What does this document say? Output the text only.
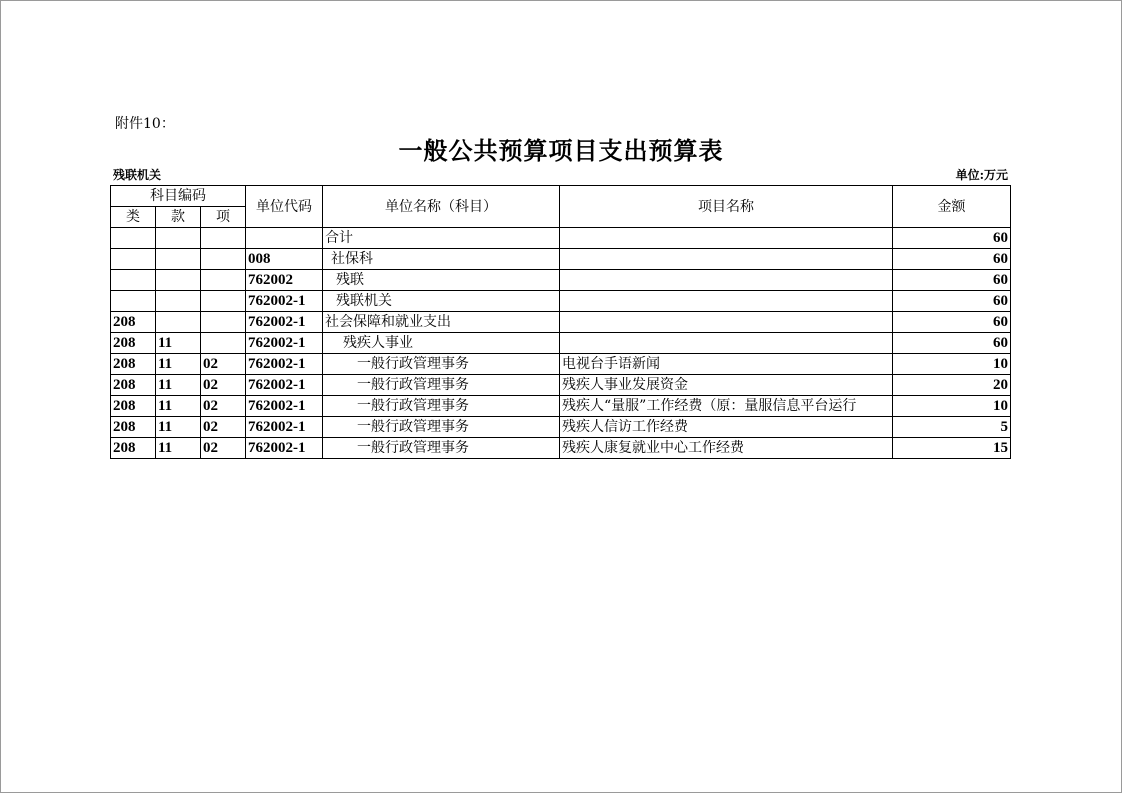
附件10：
一般公共预算项目支出预算表
残联机关	单位:万元
科目编码			单位代码	单位名称（科目）	项目名称	金额
类	款	项				
				合计		60
			008	社保科		60
			762002	残联		60
			762002-1	残联机关		60
208			762002-1	社会保障和就业支出		60
208	11		762002-1	残疾人事业		60
208	11	02	762002-1	一般行政管理事务	电视台手语新闻	10
208	11	02	762002-1	一般行政管理事务	残疾人事业发展资金	20
208	11	02	762002-1	一般行政管理事务	残疾人“量服”工作经费（原：量服信息平台运行	10
208	11	02	762002-1	一般行政管理事务	残疾人信访工作经费	5
208	11	02	762002-1	一般行政管理事务	残疾人康复就业中心工作经费	15
